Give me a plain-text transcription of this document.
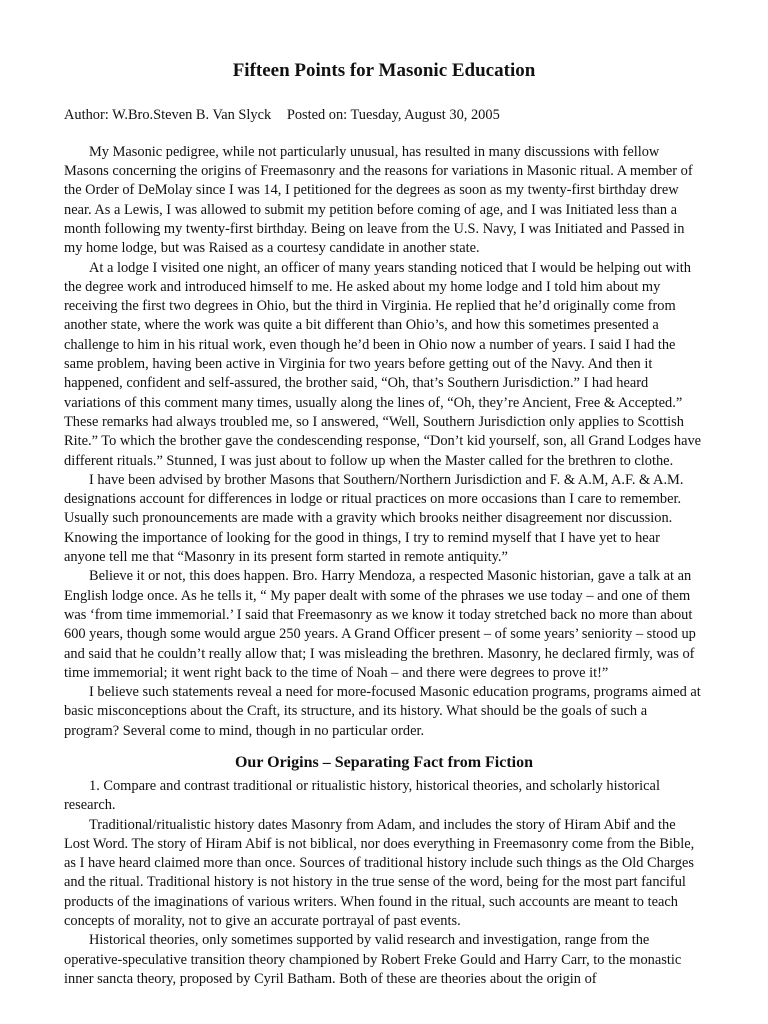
Fifteen Points for Masonic Education

Author: W.Bro.Steven B. Van Slyck Posted on: Tuesday, August 30, 2005

My Masonic pedigree, while not particularly unusual, has resulted in many discussions with fellow Masons concerning the origins of Freemasonry and the reasons for variations in Masonic ritual. A member of the Order of DeMolay since I was 14, I petitioned for the degrees as soon as my twenty-first birthday drew near. As a Lewis, I was allowed to submit my petition before coming of age, and I was Initiated less than a month following my twenty-first birthday. Being on leave from the U.S. Navy, I was Initiated and Passed in my home lodge, but was Raised as a courtesy candidate in another state.

At a lodge I visited one night, an officer of many years standing noticed that I would be helping out with the degree work and introduced himself to me. He asked about my home lodge and I told him about my receiving the first two degrees in Ohio, but the third in Virginia. He replied that he’d originally come from another state, where the work was quite a bit different than Ohio’s, and how this sometimes presented a challenge to him in his ritual work, even though he’d been in Ohio now a number of years. I said I had the same problem, having been active in Virginia for two years before getting out of the Navy. And then it happened, confident and self-assured, the brother said, “Oh, that’s Southern Jurisdiction.” I had heard variations of this comment many times, usually along the lines of, “Oh, they’re Ancient, Free & Accepted.” These remarks had always troubled me, so I answered, “Well, Southern Jurisdiction only applies to Scottish Rite.” To which the brother gave the condescending response, “Don’t kid yourself, son, all Grand Lodges have different rituals.” Stunned, I was just about to follow up when the Master called for the brethren to clothe.

I have been advised by brother Masons that Southern/Northern Jurisdiction and F. & A.M, A.F. & A.M. designations account for differences in lodge or ritual practices on more occasions than I care to remember. Usually such pronouncements are made with a gravity which brooks neither disagreement nor discussion. Knowing the importance of looking for the good in things, I try to remind myself that I have yet to hear anyone tell me that “Masonry in its present form started in remote antiquity.”

Believe it or not, this does happen. Bro. Harry Mendoza, a respected Masonic historian, gave a talk at an English lodge once. As he tells it, “ My paper dealt with some of the phrases we use today – and one of them was ‘from time immemorial.’ I said that Freemasonry as we know it today stretched back no more than about 600 years, though some would argue 250 years. A Grand Officer present – of some years’ seniority – stood up and said that he couldn’t really allow that; I was misleading the brethren. Masonry, he declared firmly, was of time immemorial; it went right back to the time of Noah – and there were degrees to prove it!”

I believe such statements reveal a need for more-focused Masonic education programs, programs aimed at basic misconceptions about the Craft, its structure, and its history. What should be the goals of such a program? Several come to mind, though in no particular order.

Our Origins – Separating Fact from Fiction

1. Compare and contrast traditional or ritualistic history, historical theories, and scholarly historical research.

Traditional/ritualistic history dates Masonry from Adam, and includes the story of Hiram Abif and the Lost Word. The story of Hiram Abif is not biblical, nor does everything in Freemasonry come from the Bible, as I have heard claimed more than once. Sources of traditional history include such things as the Old Charges and the ritual. Traditional history is not history in the true sense of the word, being for the most part fanciful products of the imaginations of various writers. When found in the ritual, such accounts are meant to teach concepts of morality, not to give an accurate portrayal of past events.

Historical theories, only sometimes supported by valid research and investigation, range from the operative-speculative transition theory championed by Robert Freke Gould and Harry Carr, to the monastic inner sancta theory, proposed by Cyril Batham. Both of these are theories about the origin of
